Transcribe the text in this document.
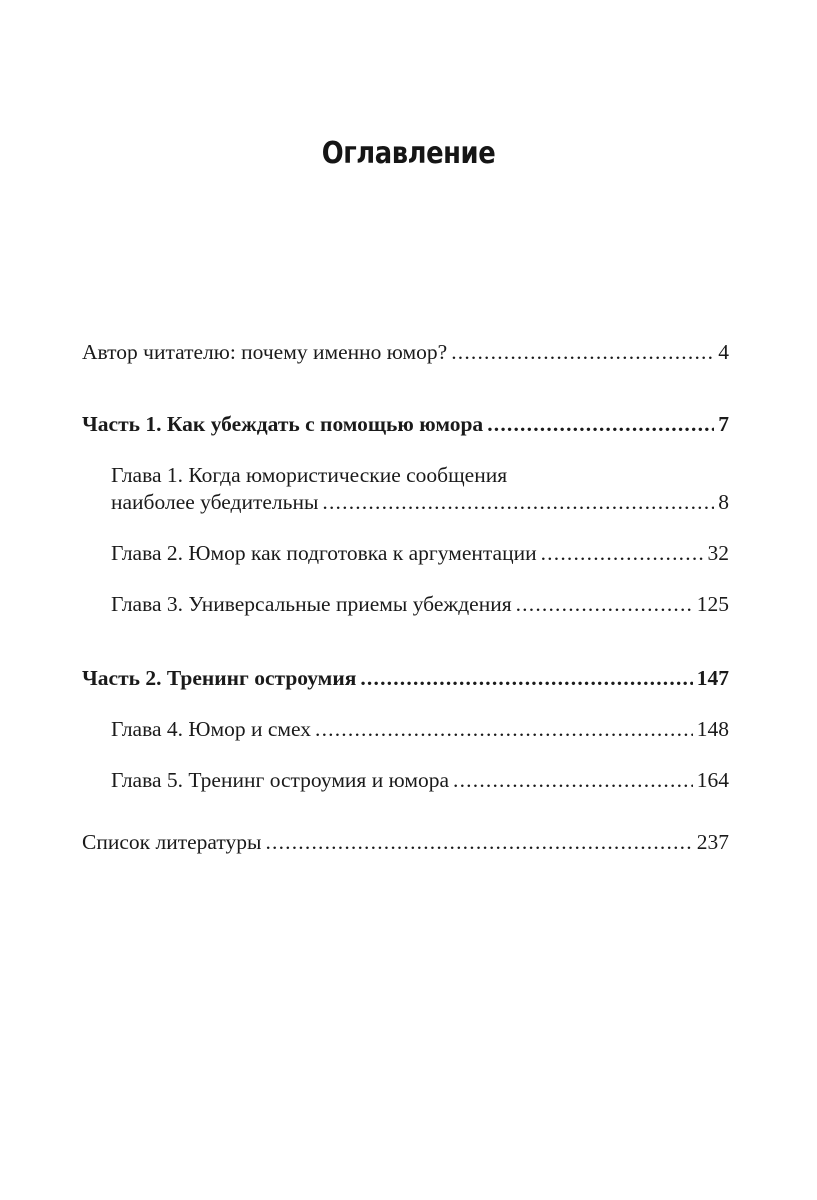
Оглавление
Автор читателю: почему именно юмор? .....	4
Часть 1. Как убеждать с помощью юмора .....	7
Глава 1. Когда юмористические сообщения
наиболее убедительны .....	8
Глава 2. Юмор как подготовка к аргументации .....	32
Глава 3. Универсальные приемы убеждения .....	125
Часть 2. Тренинг остроумия .....	147
Глава 4. Юмор и смех .....	148
Глава 5. Тренинг остроумия и юмора .....	164
Список литературы .....	237
